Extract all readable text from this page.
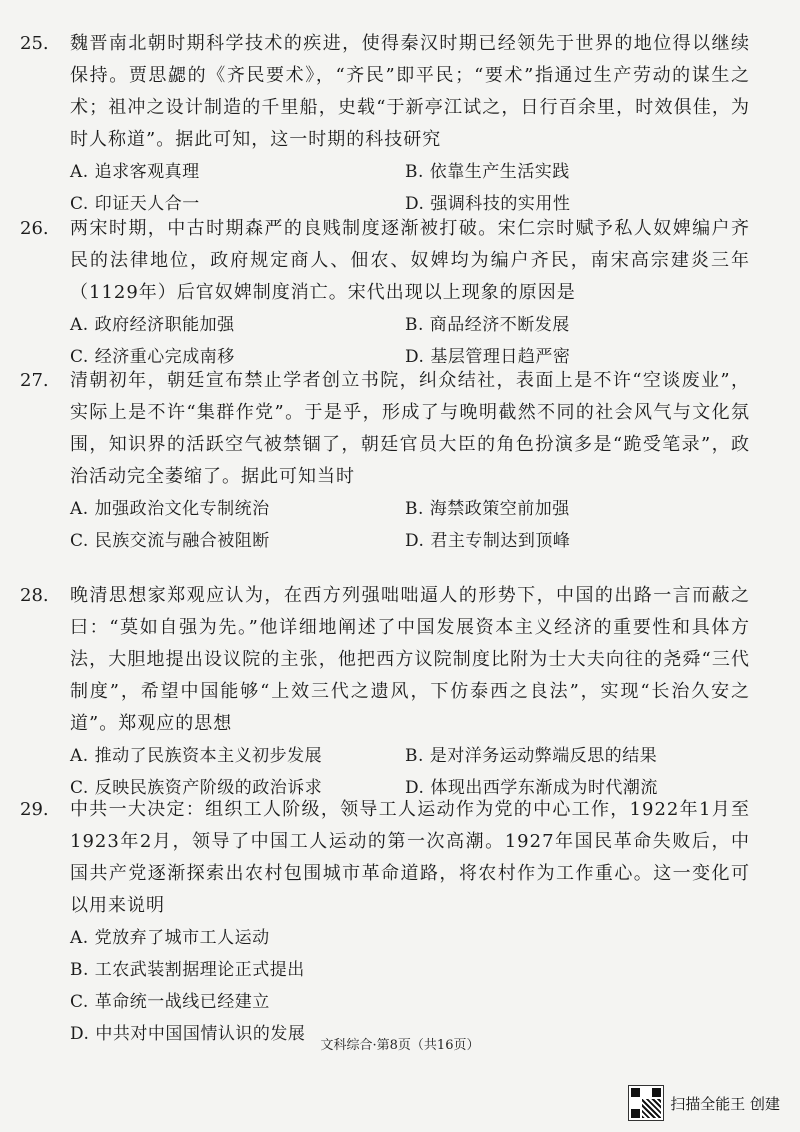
25. 魏晋南北朝时期科学技术的疾进，使得秦汉时期已经领先于世界的地位得以继续保持。贾思勰的《齐民要术》，“齐民”即平民；“要术”指通过生产劳动的谋生之术；祖冲之设计制造的千里船，史载“于新亭江试之，日行百余里，时效俱佳，为时人称道”。据此可知，这一时期的科技研究

A. 追求客观真理	B. 依靠生产生活实践
C. 印证天人合一	D. 强调科技的实用性
26. 两宋时期，中古时期森严的良贱制度逐渐被打破。宋仁宗时赋予私人奴婢编户齐民的法律地位，政府规定商人、佃农、奴婢均为编户齐民，南宋高宗建炎三年（1129年）后官奴婢制度消亡。宋代出现以上现象的原因是

A. 政府经济职能加强	B. 商品经济不断发展
C. 经济重心完成南移	D. 基层管理日趋严密
27. 清朝初年，朝廷宣布禁止学者创立书院，纠众结社，表面上是不许“空谈废业”，实际上是不许“集群作党”。于是乎，形成了与晚明截然不同的社会风气与文化氛围，知识界的活跃空气被禁锢了，朝廷官员大臣的角色扮演多是“跪受笔录”，政治活动完全萎缩了。据此可知当时

A. 加强政治文化专制统治	B. 海禁政策空前加强
C. 民族交流与融合被阻断	D. 君主专制达到顶峰
28. 晚清思想家郑观应认为，在西方列强咄咄逼人的形势下，中国的出路一言而蔽之曰：“莫如自强为先。”他详细地阐述了中国发展资本主义经济的重要性和具体方法，大胆地提出设议院的主张，他把西方议院制度比附为士大夫向往的尧舜“三代制度”，希望中国能够“上效三代之遗风，下仿泰西之良法”，实现“长治久安之道”。郑观应的思想

A. 推动了民族资本主义初步发展	B. 是对洋务运动弊端反思的结果
C. 反映民族资产阶级的政治诉求	D. 体现出西学东渐成为时代潮流
29. 中共一大决定：组织工人阶级，领导工人运动作为党的中心工作，1922年1月至1923年2月，领导了中国工人运动的第一次高潮。1927年国民革命失败后，中国共产党逐渐探索出农村包围城市革命道路，将农村作为工作重心。这一变化可以用来说明

A. 党放弃了城市工人运动
B. 工农武装割据理论正式提出
C. 革命统一战线已经建立
D. 中共对中国国情认识的发展
文科综合·第8页（共16页）
扫描全能王 创建
